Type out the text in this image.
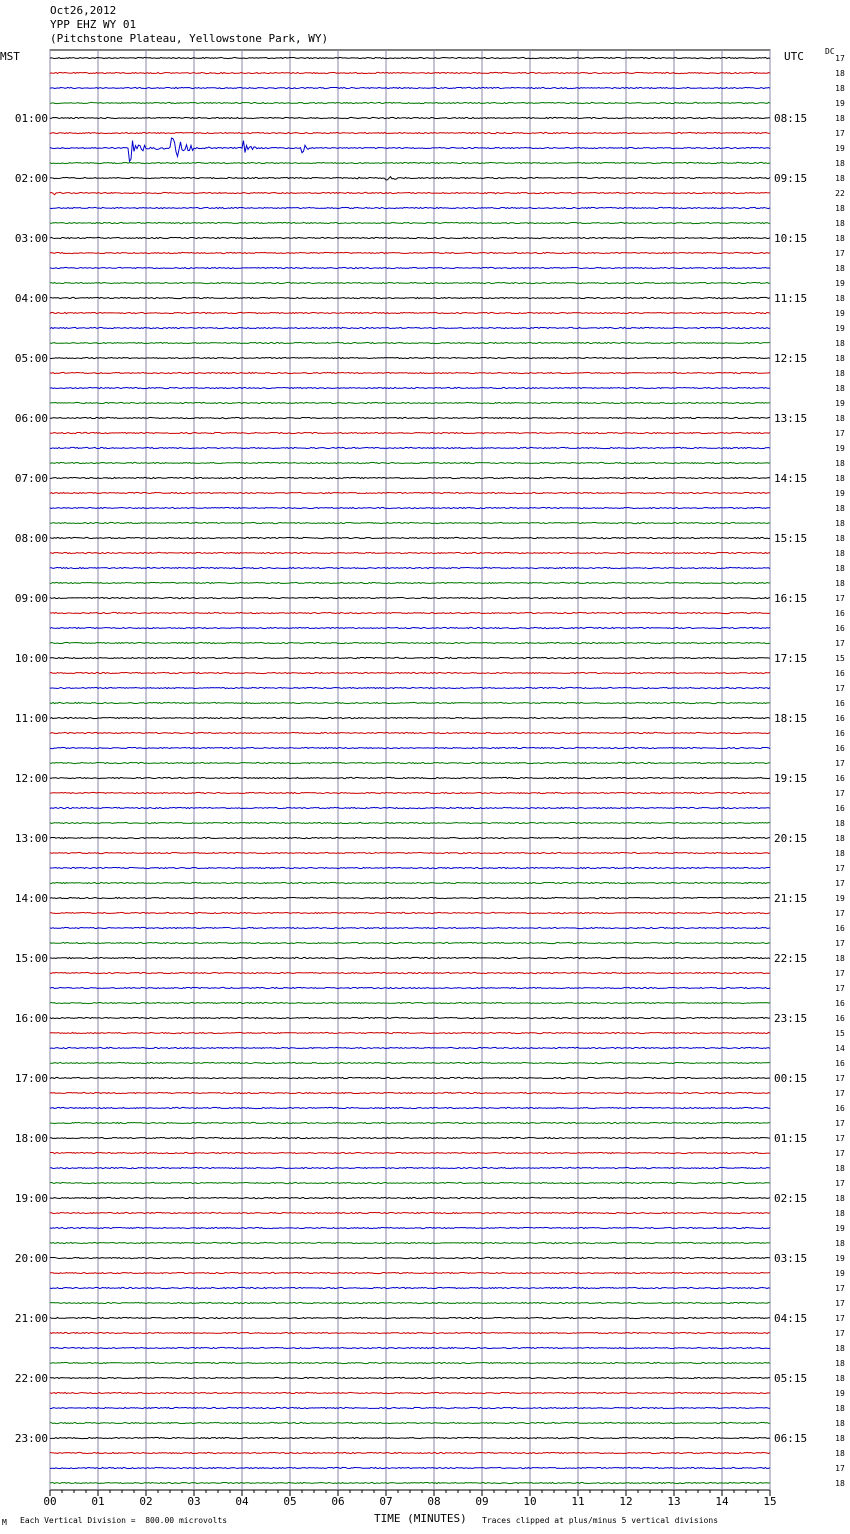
Oct26,2012
YPP EHZ WY 01
(Pitchstone Plateau, Yellowstone Park, WY)
MST	UTC	DC
00	01	02	03	04	05	06	07	08	09	10	11	12	13	14	15
17
18
18
19
18
17
19
18
18
22
18
18
18
17
18
19
18
19
19
18
18
18
18
19
18
17
19
18
18
19
18
18
18
18
18
18
17
16
16
17
15
16
17
16
16
16
16
17
16
17
16
18
18
18
17
17
19
17
16
17
18
17
17
16
16
15
14
16
17
17
16
17
17
17
18
17
18
18
19
18
19
19
17
17
17
17
18
18
18
19
18
18
18
18
17
18
01:00	08:15
02:00	09:15
03:00	10:15
04:00	11:15
05:00	12:15
06:00	13:15
07:00	14:15
08:00	15:15
09:00	16:15
10:00	17:15
11:00	18:15
12:00	19:15
13:00	20:15
14:00	21:15
15:00	22:15
16:00	23:15
17:00	00:15
18:00	01:15
19:00	02:15
20:00	03:15
21:00	04:15
22:00	05:15
23:00	06:15
M Each Vertical Division =  800.00 microvolts	TIME (MINUTES) Traces clipped at plus/minus 5 vertical divisions
